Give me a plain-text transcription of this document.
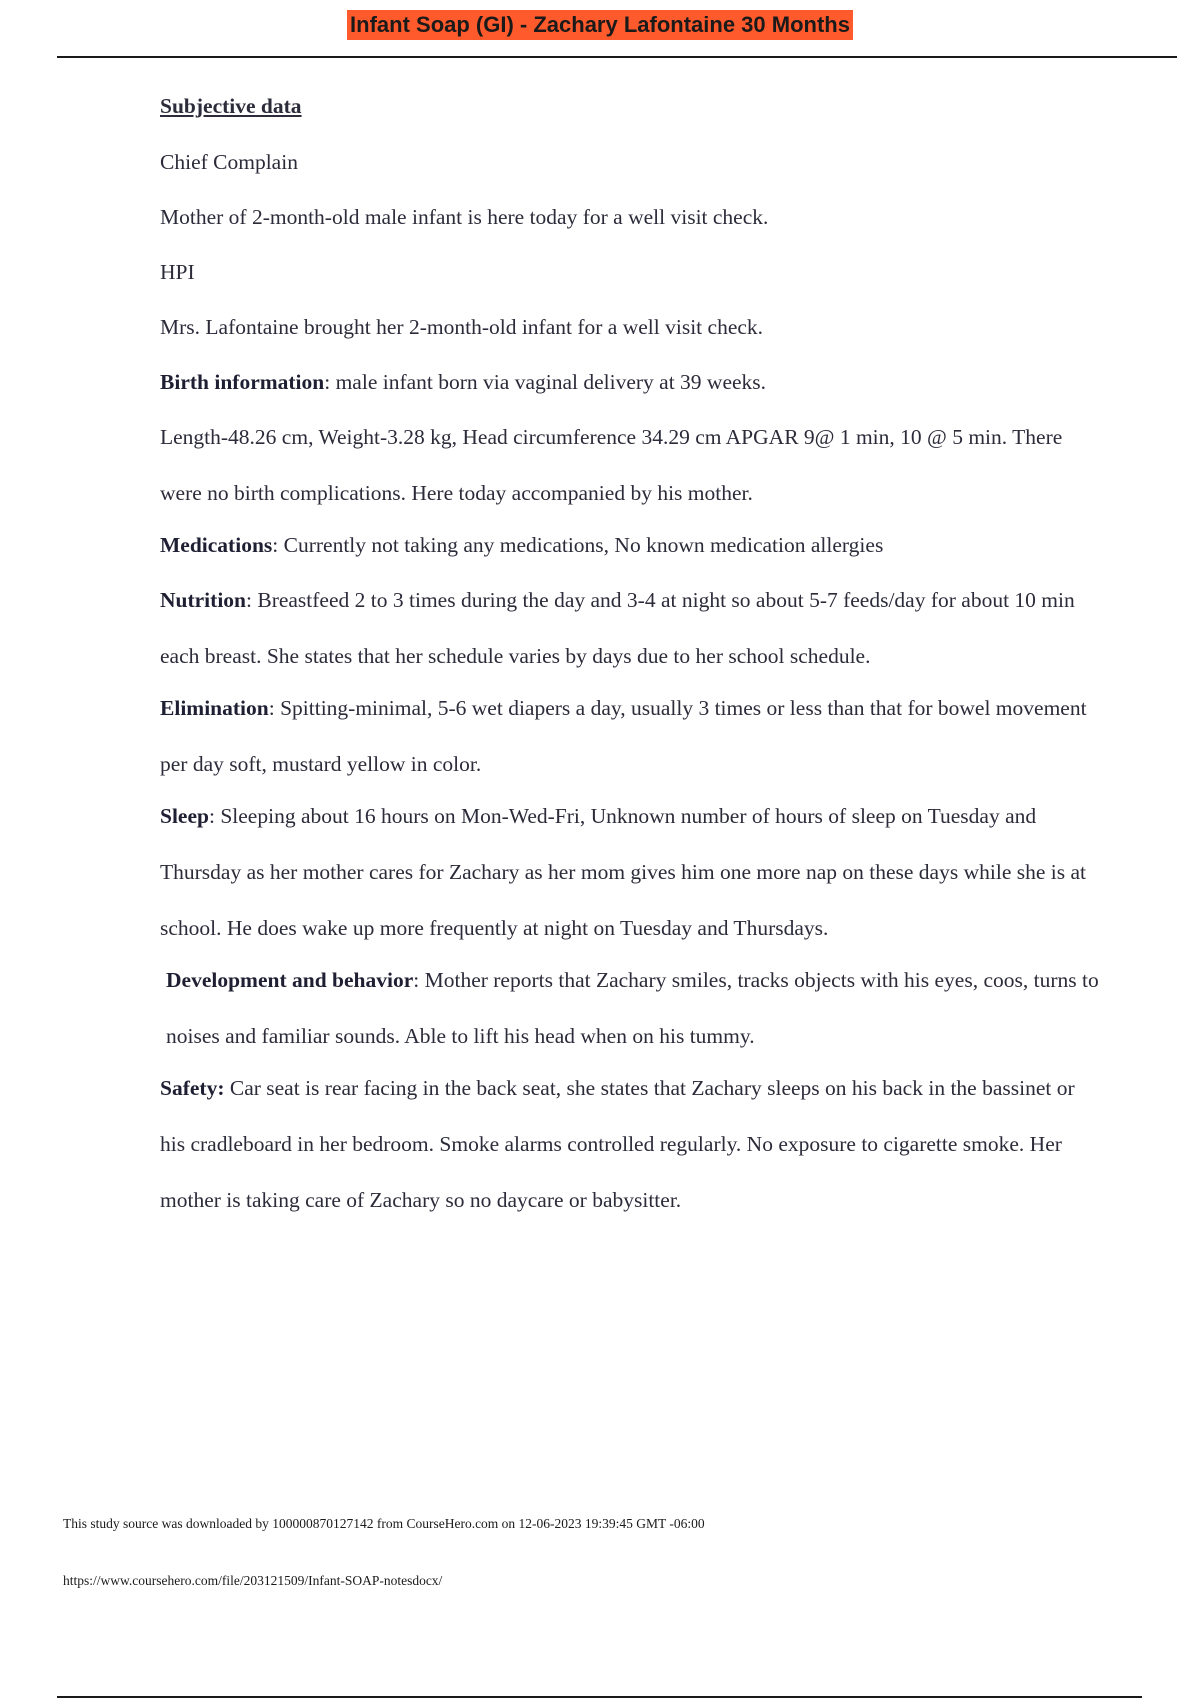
Infant Soap (GI) - Zachary Lafontaine 30 Months

Subjective data

Chief Complain

Mother of 2-month-old male infant is here today for a well visit check.

HPI

Mrs. Lafontaine brought her 2-month-old infant for a well visit check.

Birth information: male infant born via vaginal delivery at 39 weeks.

Length-48.26 cm, Weight-3.28 kg, Head circumference 34.29 cm APGAR 9@ 1 min, 10 @ 5 min. There were no birth complications. Here today accompanied by his mother.

Medications: Currently not taking any medications, No known medication allergies

Nutrition: Breastfeed 2 to 3 times during the day and 3-4 at night so about 5-7 feeds/day for about 10 min each breast. She states that her schedule varies by days due to her school schedule.

Elimination: Spitting-minimal, 5-6 wet diapers a day, usually 3 times or less than that for bowel movement per day soft, mustard yellow in color.

Sleep: Sleeping about 16 hours on Mon-Wed-Fri, Unknown number of hours of sleep on Tuesday and Thursday as her mother cares for Zachary as her mom gives him one more nap on these days while she is at school. He does wake up more frequently at night on Tuesday and Thursdays.

Development and behavior: Mother reports that Zachary smiles, tracks objects with his eyes, coos, turns to noises and familiar sounds. Able to lift his head when on his tummy.

Safety: Car seat is rear facing in the back seat, she states that Zachary sleeps on his back in the bassinet or his cradleboard in her bedroom. Smoke alarms controlled regularly. No exposure to cigarette smoke. Her mother is taking care of Zachary so no daycare or babysitter.

This study source was downloaded by 100000870127142 from CourseHero.com on 12-06-2023 19:39:45 GMT -06:00
https://www.coursehero.com/file/203121509/Infant-SOAP-notesdocx/
